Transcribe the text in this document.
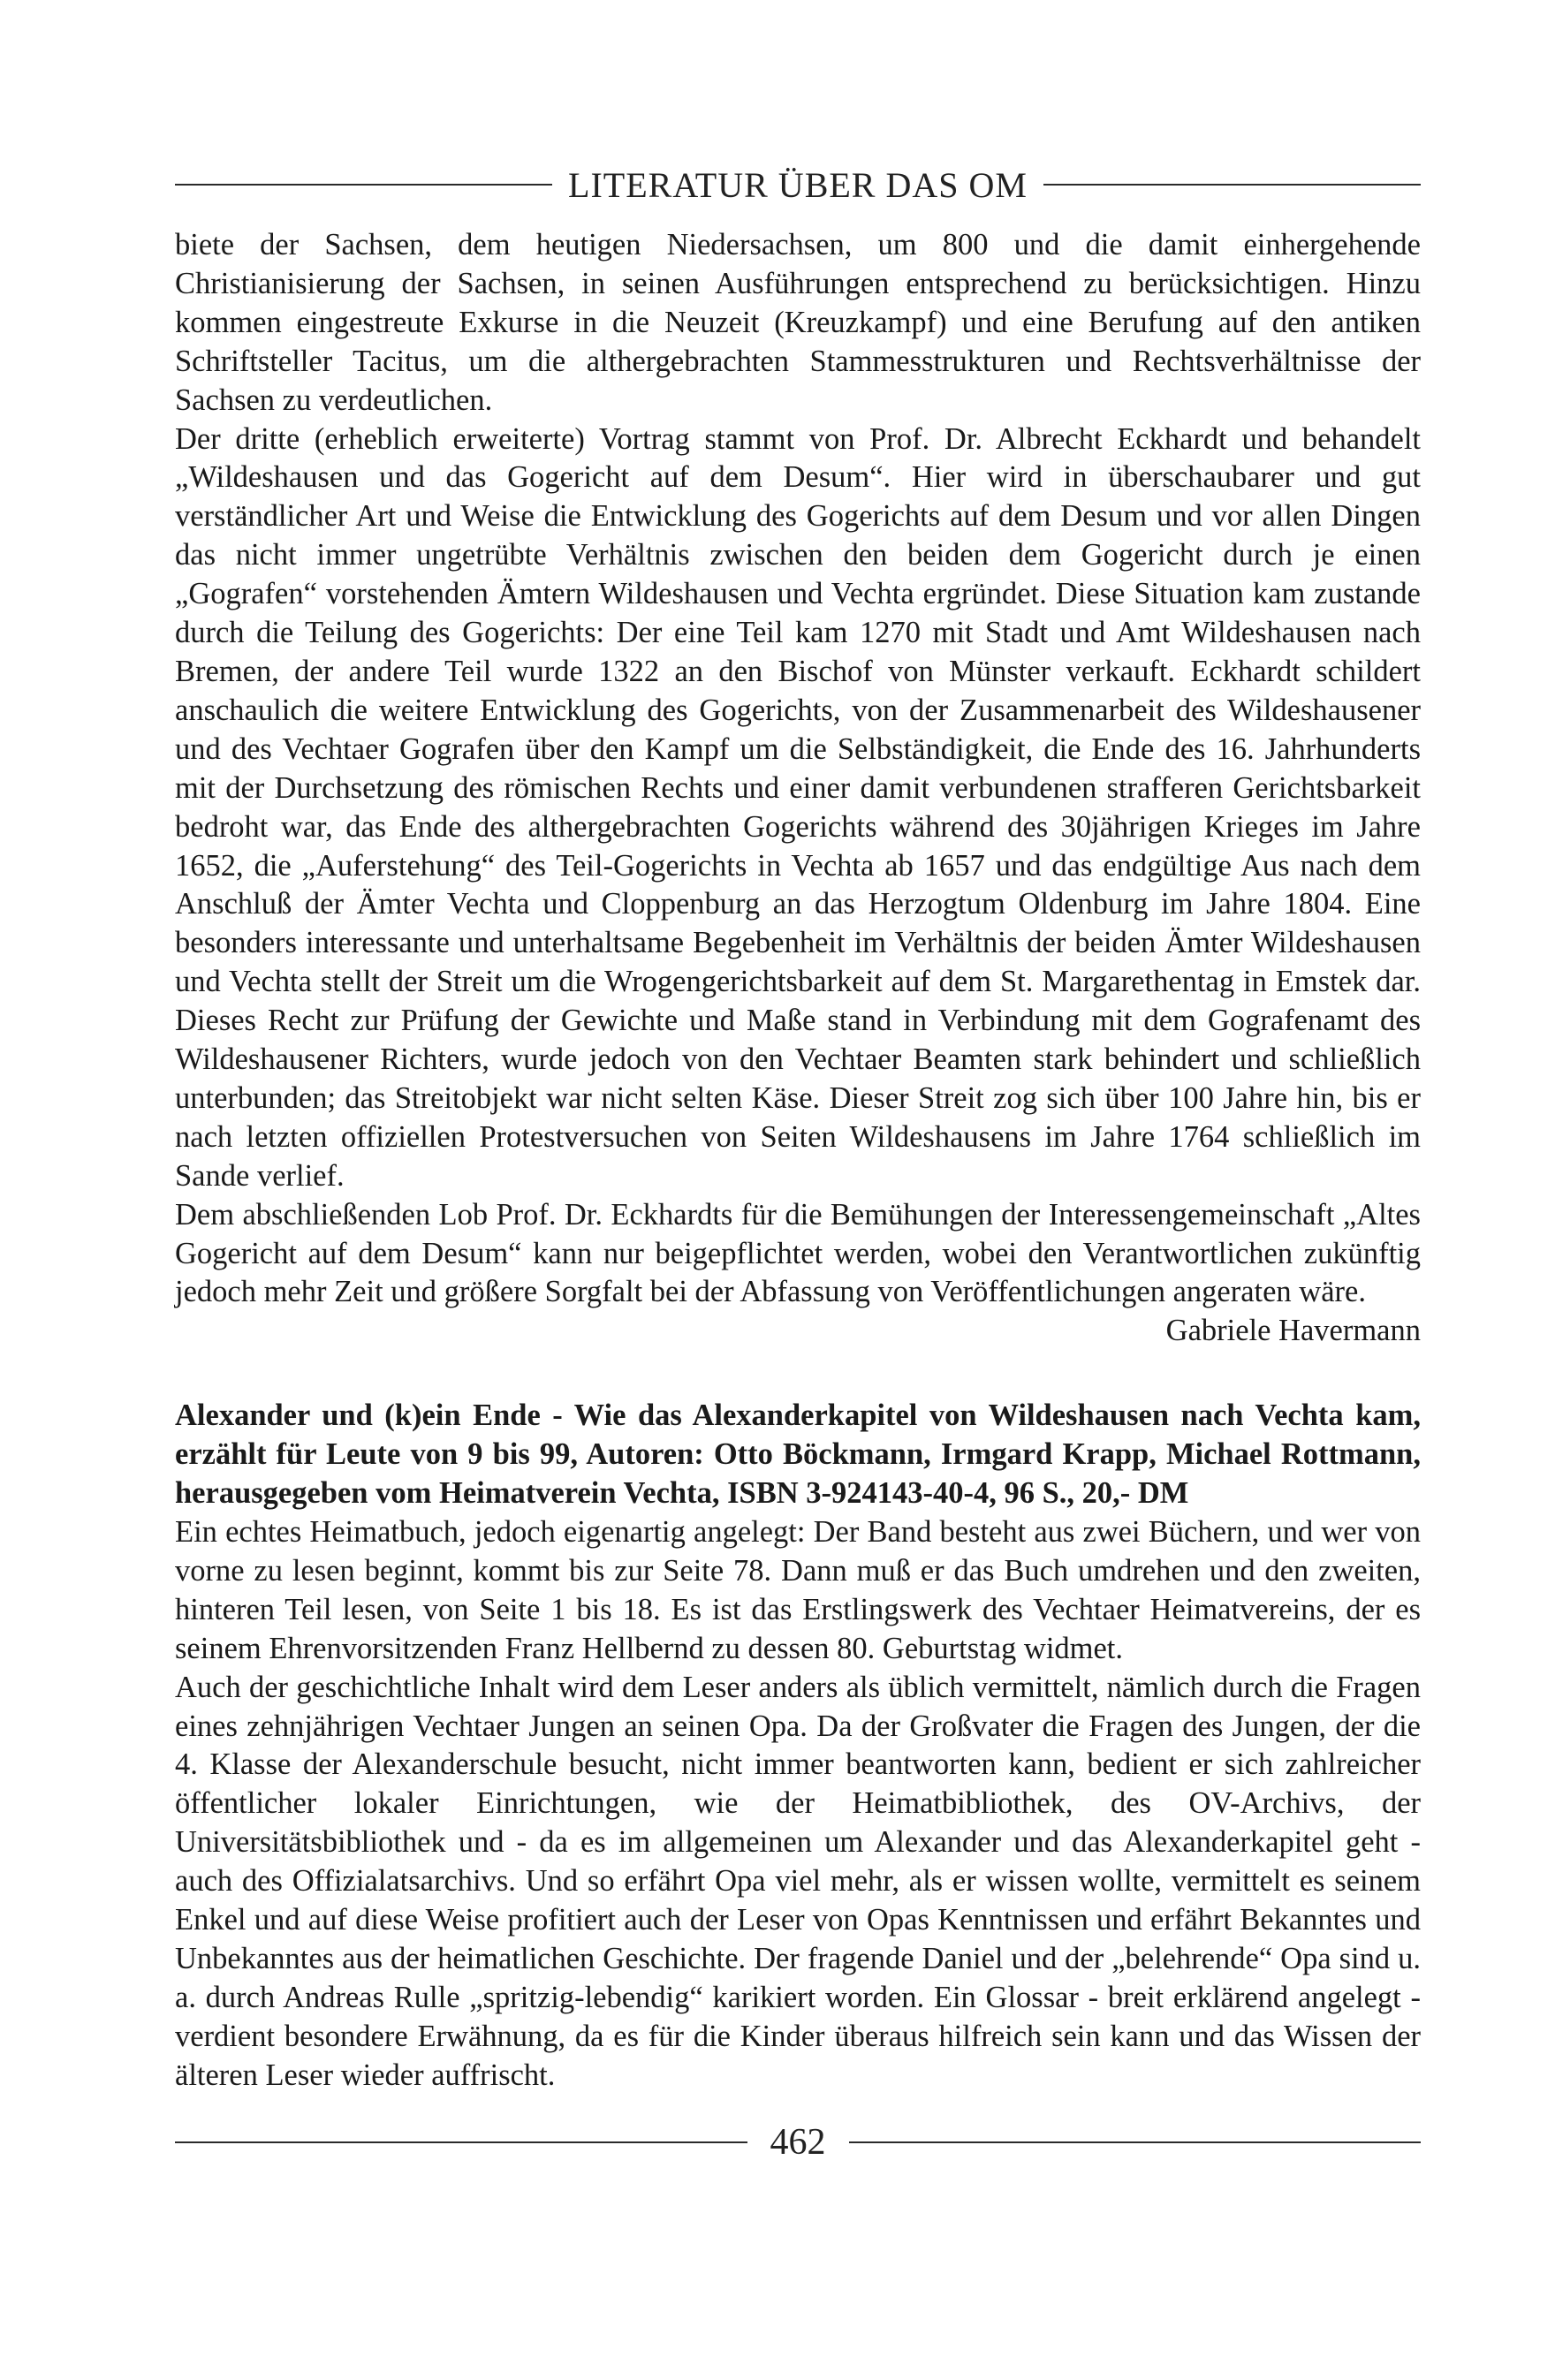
LITERATUR ÜBER DAS OM

biete der Sachsen, dem heutigen Niedersachsen, um 800 und die damit einhergehende Christianisierung der Sachsen, in seinen Ausführungen entsprechend zu berücksichtigen. Hinzu kommen eingestreute Exkurse in die Neuzeit (Kreuzkampf) und eine Berufung auf den antiken Schriftsteller Tacitus, um die althergebrachten Stammesstrukturen und Rechtsverhältnisse der Sachsen zu verdeutlichen.

Der dritte (erheblich erweiterte) Vortrag stammt von Prof. Dr. Albrecht Eckhardt und behandelt „Wildeshausen und das Gogericht auf dem Desum“. Hier wird in überschaubarer und gut verständlicher Art und Weise die Entwicklung des Gogerichts auf dem Desum und vor allen Dingen das nicht immer ungetrübte Verhältnis zwischen den beiden dem Gogericht durch je einen „Gografen“ vorstehenden Ämtern Wildeshausen und Vechta ergründet. Diese Situation kam zustande durch die Teilung des Gogerichts: Der eine Teil kam 1270 mit Stadt und Amt Wildeshausen nach Bremen, der andere Teil wurde 1322 an den Bischof von Münster verkauft. Eckhardt schildert anschaulich die weitere Entwicklung des Gogerichts, von der Zusammenarbeit des Wildeshausener und des Vechtaer Gografen über den Kampf um die Selbständigkeit, die Ende des 16. Jahrhunderts mit der Durchsetzung des römischen Rechts und einer damit verbundenen strafferen Gerichtsbarkeit bedroht war, das Ende des althergebrachten Gogerichts während des 30jährigen Krieges im Jahre 1652, die „Auferstehung“ des Teil-Gogerichts in Vechta ab 1657 und das endgültige Aus nach dem Anschluß der Ämter Vechta und Cloppenburg an das Herzogtum Oldenburg im Jahre 1804. Eine besonders interessante und unterhaltsame Begebenheit im Verhältnis der beiden Ämter Wildeshausen und Vechta stellt der Streit um die Wrogengerichtsbarkeit auf dem St. Margarethentag in Emstek dar. Dieses Recht zur Prüfung der Gewichte und Maße stand in Verbindung mit dem Gografenamt des Wildeshausener Richters, wurde jedoch von den Vechtaer Beamten stark behindert und schließlich unterbunden; das Streitobjekt war nicht selten Käse. Dieser Streit zog sich über 100 Jahre hin, bis er nach letzten offiziellen Protestversuchen von Seiten Wildeshausens im Jahre 1764 schließlich im Sande verlief.

Dem abschließenden Lob Prof. Dr. Eckhardts für die Bemühungen der Interessengemeinschaft „Altes Gogericht auf dem Desum“ kann nur beigepflichtet werden, wobei den Verantwortlichen zukünftig jedoch mehr Zeit und größere Sorgfalt bei der Abfassung von Veröffentlichungen angeraten wäre.

Gabriele Havermann

Alexander und (k)ein Ende - Wie das Alexanderkapitel von Wildeshausen nach Vechta kam, erzählt für Leute von 9 bis 99, Autoren: Otto Böckmann, Irmgard Krapp, Michael Rottmann, herausgegeben vom Heimatverein Vechta, ISBN 3-924143-40-4, 96 S., 20,- DM

Ein echtes Heimatbuch, jedoch eigenartig angelegt: Der Band besteht aus zwei Büchern, und wer von vorne zu lesen beginnt, kommt bis zur Seite 78. Dann muß er das Buch umdrehen und den zweiten, hinteren Teil lesen, von Seite 1 bis 18. Es ist das Erstlingswerk des Vechtaer Heimatvereins, der es seinem Ehrenvorsitzenden Franz Hellbernd zu dessen 80. Geburtstag widmet.

Auch der geschichtliche Inhalt wird dem Leser anders als üblich vermittelt, nämlich durch die Fragen eines zehnjährigen Vechtaer Jungen an seinen Opa. Da der Großvater die Fragen des Jungen, der die 4. Klasse der Alexanderschule besucht, nicht immer beantworten kann, bedient er sich zahlreicher öffentlicher lokaler Einrichtungen, wie der Heimatbibliothek, des OV-Archivs, der Universitätsbibliothek und - da es im allgemeinen um Alexander und das Alexanderkapitel geht - auch des Offizialatsarchivs. Und so erfährt Opa viel mehr, als er wissen wollte, vermittelt es seinem Enkel und auf diese Weise profitiert auch der Leser von Opas Kenntnissen und erfährt Bekanntes und Unbekanntes aus der heimatlichen Geschichte. Der fragende Daniel und der „belehrende“ Opa sind u. a. durch Andreas Rulle „spritzig-lebendig“ karikiert worden. Ein Glossar - breit erklärend angelegt - verdient besondere Erwähnung, da es für die Kinder überaus hilfreich sein kann und das Wissen der älteren Leser wieder auffrischt.

462
